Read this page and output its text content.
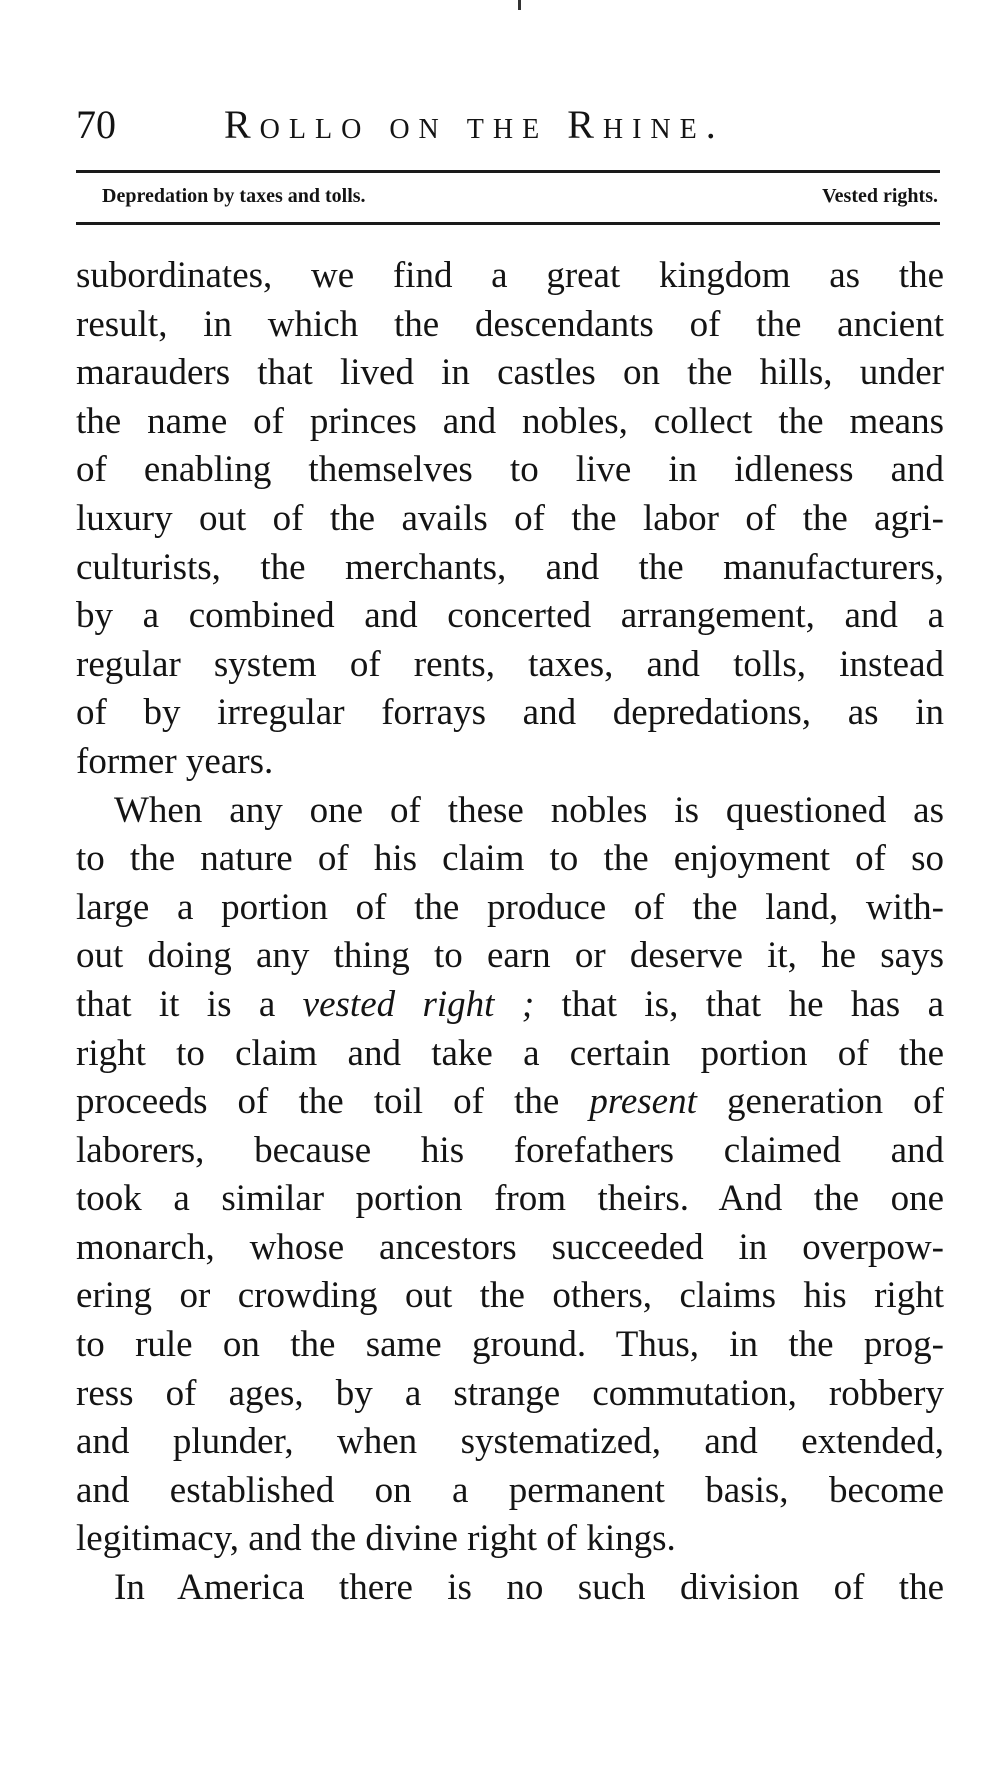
70	Rollo on the Rhine.
Depredation by taxes and tolls.	Vested rights.
subordinates, we find a great kingdom as the
result, in which the descendants of the ancient
marauders that lived in castles on the hills, under
the name of princes and nobles, collect the means
of enabling themselves to live in idleness and
luxury out of the avails of the labor of the agri-
culturists, the merchants, and the manufacturers,
by a combined and concerted arrangement, and a
regular system of rents, taxes, and tolls, instead
of by irregular forrays and depredations, as in
former years.
When any one of these nobles is questioned as
to the nature of his claim to the enjoyment of so
large a portion of the produce of the land, with-
out doing any thing to earn or deserve it, he says
that it is a vested right ; that is, that he has a
right to claim and take a certain portion of the
proceeds of the toil of the present generation of
laborers, because his forefathers claimed and
took a similar portion from theirs. And the one
monarch, whose ancestors succeeded in overpow-
ering or crowding out the others, claims his right
to rule on the same ground. Thus, in the prog-
ress of ages, by a strange commutation, robbery
and plunder, when systematized, and extended,
and established on a permanent basis, become
legitimacy, and the divine right of kings.
In America there is no such division of the
